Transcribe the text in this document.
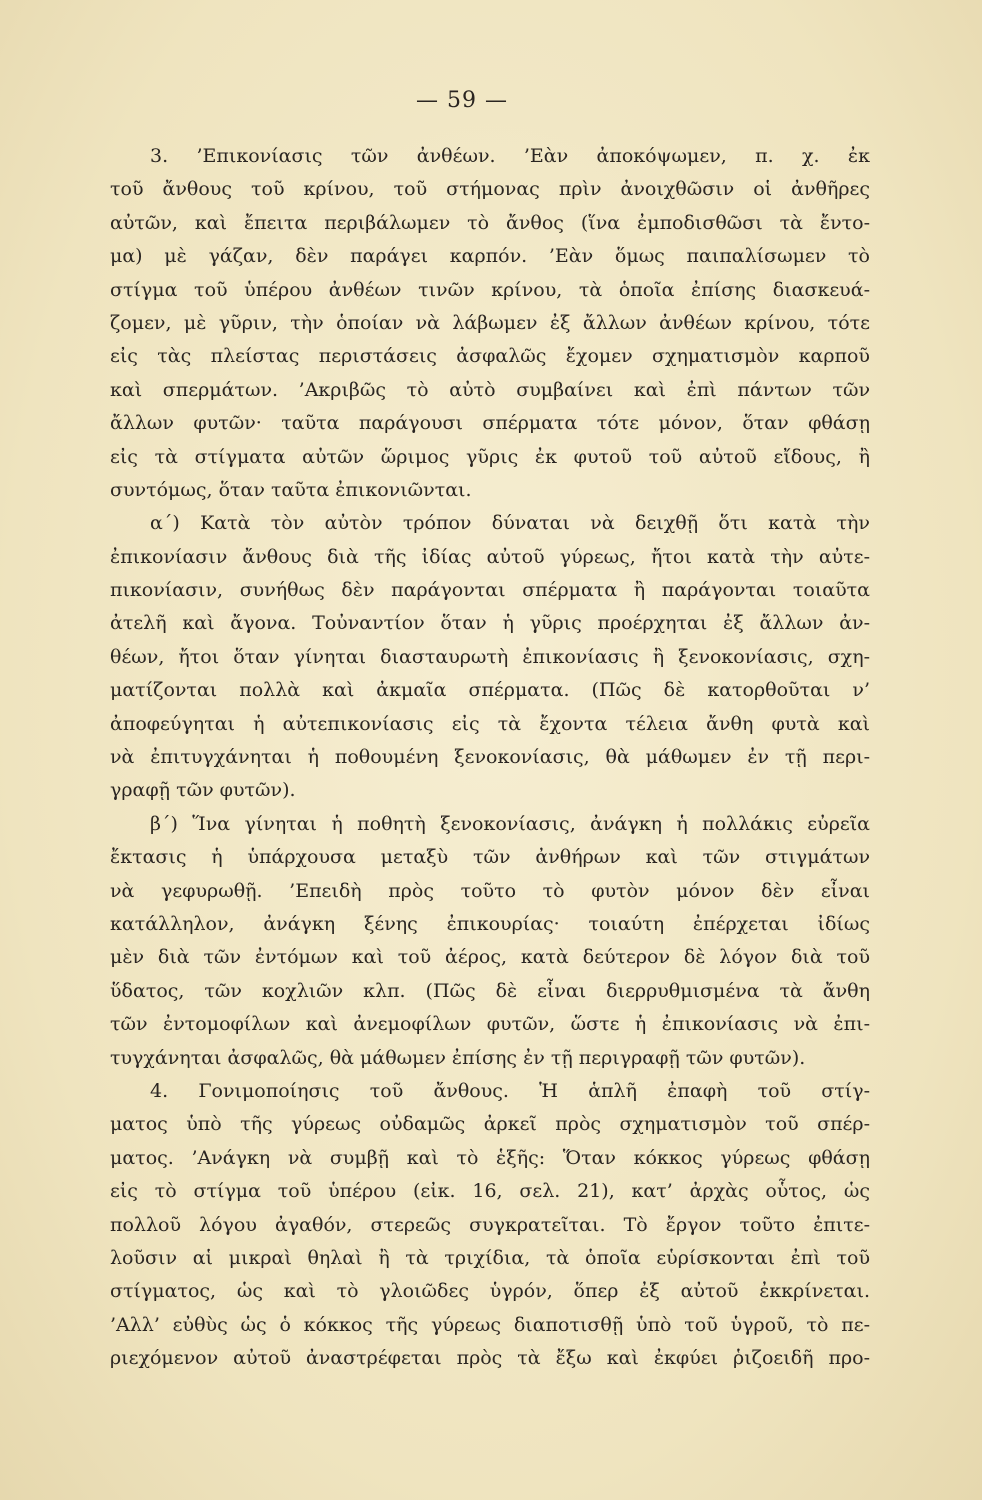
— 59 —
3. ’Επικονίασις τῶν ἀνθέων. ’Εὰν ἀποκόψωμεν, π. χ. ἐκ
τοῦ ἄνθους τοῦ κρίνου, τοῦ στήμονας πρὶν ἀνοιχθῶσιν οἱ ἀνθῆρες
αὐτῶν, καὶ ἔπειτα περιβάλωμεν τὸ ἄνθος (ἵνα ἐμποδισθῶσι τὰ ἔντο-
μα) μὲ γάζαν, δὲν παράγει καρπόν. ’Εὰν ὅμως παιπαλίσωμεν τὸ
στίγμα τοῦ ὑπέρου ἀνθέων τινῶν κρίνου, τὰ ὁποῖα ἐπίσης διασκευά-
ζομεν, μὲ γῦριν, τὴν ὁποίαν νὰ λάβωμεν ἐξ ἄλλων ἀνθέων κρίνου, τότε
εἰς τὰς πλείστας περιστάσεις ἀσφαλῶς ἔχομεν σχηματισμὸν καρποῦ
καὶ σπερμάτων. ’Ακριβῶς τὸ αὐτὸ συμβαίνει καὶ ἐπὶ πάντων τῶν
ἄλλων φυτῶν· ταῦτα παράγουσι σπέρματα τότε μόνον, ὅταν φθάσῃ
εἰς τὰ στίγματα αὐτῶν ὥριμος γῦρις ἐκ φυτοῦ τοῦ αὐτοῦ εἴδους, ἢ
συντόμως, ὅταν ταῦτα ἐπικονιῶνται.
α΄) Κατὰ τὸν αὐτὸν τρόπον δύναται νὰ δειχθῇ ὅτι κατὰ τὴν
ἐπικονίασιν ἄνθους διὰ τῆς ἰδίας αὐτοῦ γύρεως, ἤτοι κατὰ τὴν αὐτε-
πικονίασιν, συνήθως δὲν παράγονται σπέρματα ἢ παράγονται τοιαῦτα
ἀτελῆ καὶ ἄγονα. Τοὐναντίον ὅταν ἡ γῦρις προέρχηται ἐξ ἄλλων ἀν-
θέων, ἤτοι ὅταν γίνηται διασταυρωτὴ ἐπικονίασις ἢ ξενοκονίασις, σχη-
ματίζονται πολλὰ καὶ ἀκμαῖα σπέρματα. (Πῶς δὲ κατορθοῦται ν’
ἀποφεύγηται ἡ αὐτεπικονίασις εἰς τὰ ἔχοντα τέλεια ἄνθη φυτὰ καὶ
νὰ ἐπιτυγχάνηται ἡ ποθουμένη ξενοκονίασις, θὰ μάθωμεν ἐν τῇ περι-
γραφῇ τῶν φυτῶν).
β΄) Ἵνα γίνηται ἡ ποθητὴ ξενοκονίασις, ἀνάγκη ἡ πολλάκις εὐρεῖα
ἔκτασις ἡ ὑπάρχουσα μεταξὺ τῶν ἀνθήρων καὶ τῶν στιγμάτων
νὰ γεφυρωθῇ. ’Επειδὴ πρὸς τοῦτο τὸ φυτὸν μόνον δὲν εἶναι
κατάλληλον, ἀνάγκη ξένης ἐπικουρίας· τοιαύτη ἐπέρχεται ἰδίως
μὲν διὰ τῶν ἐντόμων καὶ τοῦ ἀέρος, κατὰ δεύτερον δὲ λόγον διὰ τοῦ
ὕδατος, τῶν κοχλιῶν κλπ. (Πῶς δὲ εἶναι διερρυθμισμένα τὰ ἄνθη
τῶν ἐντομοφίλων καὶ ἀνεμοφίλων φυτῶν, ὥστε ἡ ἐπικονίασις νὰ ἐπι-
τυγχάνηται ἀσφαλῶς, θὰ μάθωμεν ἐπίσης ἐν τῇ περιγραφῇ τῶν φυτῶν).
4. Γονιμοποίησις τοῦ ἄνθους. Ἡ ἁπλῆ ἐπαφὴ τοῦ στίγ-
ματος ὑπὸ τῆς γύρεως οὐδαμῶς ἀρκεῖ πρὸς σχηματισμὸν τοῦ σπέρ-
ματος. ’Ανάγκη νὰ συμβῇ καὶ τὸ ἑξῆς: Ὅταν κόκκος γύρεως φθάσῃ
εἰς τὸ στίγμα τοῦ ὑπέρου (εἰκ. 16, σελ. 21), κατ’ ἀρχὰς οὗτος, ὡς
πολλοῦ λόγου ἀγαθόν, στερεῶς συγκρατεῖται. Τὸ ἔργον τοῦτο ἐπιτε-
λοῦσιν αἱ μικραὶ θηλαὶ ἢ τὰ τριχίδια, τὰ ὁποῖα εὑρίσκονται ἐπὶ τοῦ
στίγματος, ὡς καὶ τὸ γλοιῶδες ὑγρόν, ὅπερ ἐξ αὐτοῦ ἐκκρίνεται.
’Αλλ’ εὐθὺς ὡς ὁ κόκκος τῆς γύρεως διαποτισθῇ ὑπὸ τοῦ ὑγροῦ, τὸ πε-
ριεχόμενον αὐτοῦ ἀναστρέφεται πρὸς τὰ ἔξω καὶ ἐκφύει ῥιζοειδῆ προ-
